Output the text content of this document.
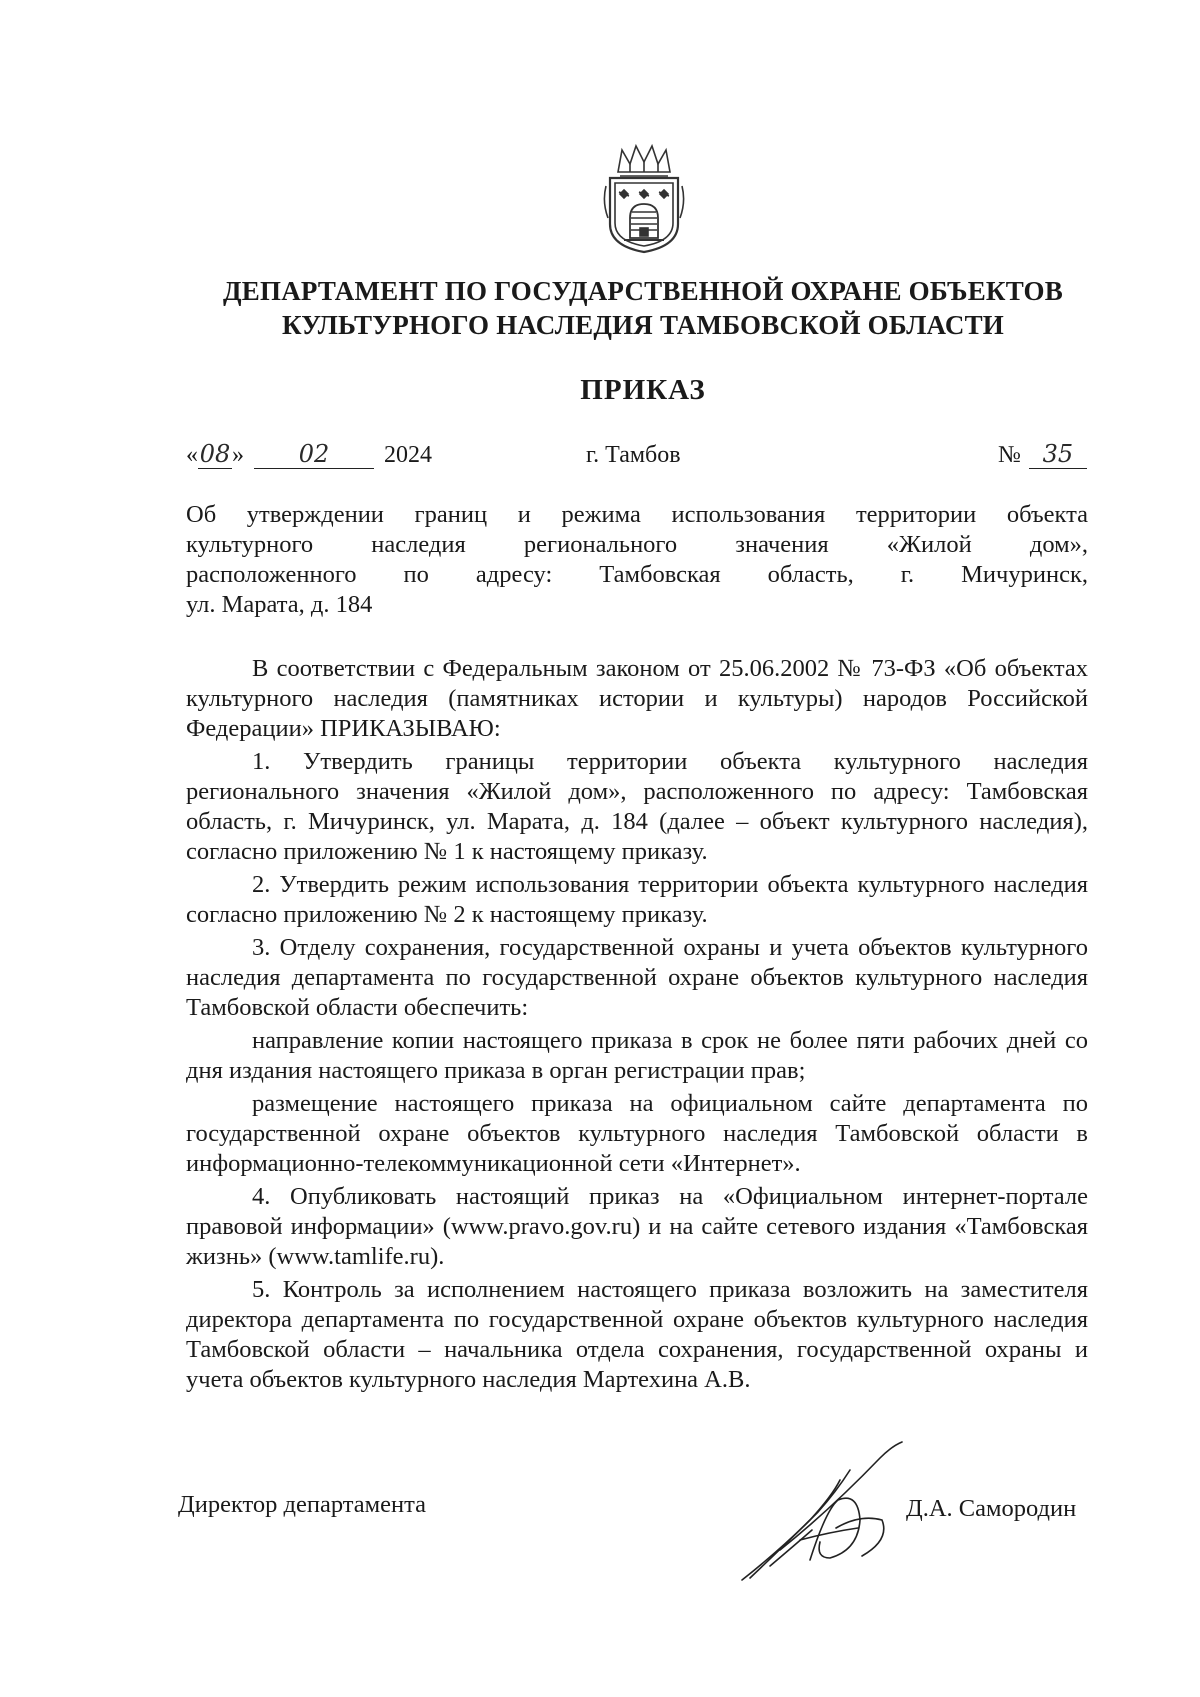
ДЕПАРТАМЕНТ ПО ГОСУДАРСТВЕННОЙ ОХРАНЕ ОБЪЕКТОВ
КУЛЬТУРНОГО НАСЛЕДИЯ ТАМБОВСКОЙ ОБЛАСТИ
ПРИКАЗ
«08» 02 2024	г. Тамбов	№ 35

Об утверждении границ и режима использования территории объекта

культурного наследия регионального значения «Жилой дом»,

расположенного по адресу: Тамбовская область, г. Мичуринск,

ул. Марата, д. 184

В соответствии с Федеральным законом от 25.06.2002 № 73-ФЗ «Об объектах культурного наследия (памятниках истории и культуры) народов Российской Федерации» ПРИКАЗЫВАЮ:

1. Утвердить границы территории объекта культурного наследия регионального значения «Жилой дом», расположенного по адресу: Тамбовская область, г. Мичуринск, ул. Марата, д. 184 (далее – объект культурного наследия), согласно приложению № 1 к настоящему приказу.

2. Утвердить режим использования территории объекта культурного наследия согласно приложению № 2 к настоящему приказу.

3. Отделу сохранения, государственной охраны и учета объектов культурного наследия департамента по государственной охране объектов культурного наследия Тамбовской области обеспечить:

направление копии настоящего приказа в срок не более пяти рабочих дней со дня издания настоящего приказа в орган регистрации прав;

размещение настоящего приказа на официальном сайте департамента по государственной охране объектов культурного наследия Тамбовской области в информационно-телекоммуникационной сети «Интернет».

4. Опубликовать настоящий приказ на «Официальном интернет-портале правовой информации» (www.pravo.gov.ru) и на сайте сетевого издания «Тамбовская жизнь» (www.tamlife.ru).

5. Контроль за исполнением настоящего приказа возложить на заместителя директора департамента по государственной охране объектов культурного наследия Тамбовской области – начальника отдела сохранения, государственной охраны и учета объектов культурного наследия Мартехина А.В.

Директор департамента	Д.А. Самородин
